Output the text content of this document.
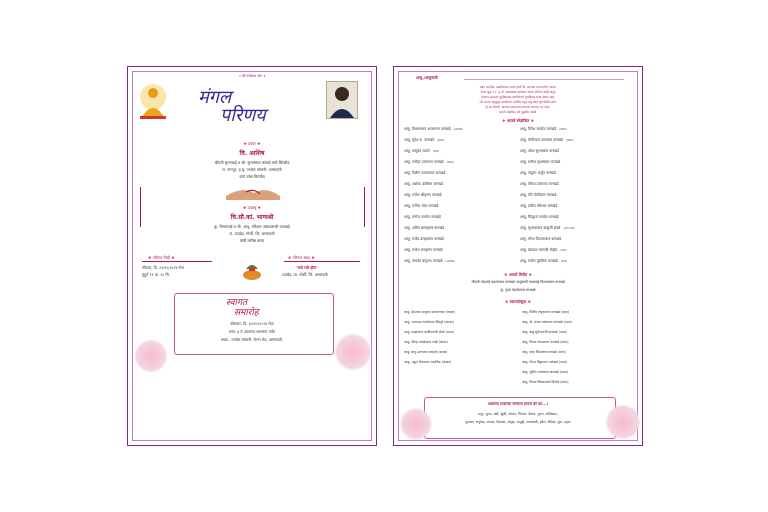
॥ श्री गणेशाय नमः ॥
मंगल
परिणय
❖ उपवर ❖
चि. आशिष
श्रीमती सुमनबाई व श्री. सुभाषराव कांबळे यांचे चिरंजीव
रा. नागपुर, ह.मु. पनवेल कॉलनी, अमरावती
यांचे ज्येष्ठ चिरंजीव
❖ उपवधू ❖
चि.सौ.कां. भाग्यश्री
कु. विमलताई व श्री. आयु. मोरेश्वर अंबादासजी वानखडे
रा. उदखेड, मोर्शी, जि. अमरावती
यांची कनिष्ठ कन्या
❖ परिणय तिथी ❖
रविवार, दि. २२/१२/२०२४ रोज
मुहूर्त ११ वा. १० मि.
❖ परिणय स्थळ ❖
"राधे राधे हॉल"
उदखेड, ता. मोर्शी, जि. अमरावती
स्वागत
समारोह
सोमवार, दि. ३०/१२/२०२४ रोज
सायं. ७ ते आपल्या आगमना पर्यंत
स्थळ - पनवेल कॉलनी, रोमन रोड, अमरावती.
आयु./आयुष्मती
सप्रेम जयभीम, कळविण्यास आनंद होतो की, आमच्या घराण्यातील तथागत
गौतम बुद्ध व प. पू. डॉ. बाबासाहेब आंबेडकर यांच्या प्रतिमेस साक्षी मानून
सोबतच आमच्या कुटुंबियांच्या आशीर्वादाने शुभविवाह संपन्न होणार आहे.
तरी आपण सहकुटुंब सहपरिवार उपस्थित राहून वधू-वरास शुभाशीर्वाद द्यावे,
ही नम्र विनंती. आपल्या आगमनाने आमच्या आनंदात भर पडेल.
आपले स्नेहांकित सर्व कुटुंबीय मंडळी.
❖ आपले स्नेहांकित ❖
आयु. विश्वासराव आत्माराम वानखडे (आजोबा)
आयु. सुरेश रा. वानखडे (काका)
आयु. वासुदेव ठाकरे (मामा)
आयु. मनोहर उत्तमराव वानखडे (काका)
आयु. दिलीप यशवंतराव वानखडे
आयु. अशोक बळीराम वानखडे
आयु. राजेश श्रीकृष्ण वानखडे
आयु. कपिल रमेश वानखडे
आयु. मनोज नामदेव वानखडे
आयु. अमित बाळकृष्ण वानखडे
आयु. राजेंद्र प्रल्हादराव वानखडे
आयु. राजेश रामकृष्ण वानखडे
आयु. नामदेव बापूराव वानखडे (आजोबा)
आयु. दिनेश नामदेव वानखडे (काका)
आयु. मोतीलाल उत्तमराव वानखडे (काका)
आयु. उमेश सुभाषराव वानखडे
आयु. सतीश सुभाषराव वानखडे
आयु. पांडुरंग अर्जुन वानखडे
आयु. योगेश उत्तमराव वानखडे
आयु. रवि मोतीलाल वानखडे
आयु. प्रवीण मोरेश्वर वानखडे
आयु. सिद्धार्थ नामदेव वानखडे
आयु. सुधाकरराव बाळुजी इंगळे (आते भाऊ)
आयु. मंगेश दिवाकरराव वानखडे
आयु. प्रेमदास बबनजी मोहोड (मामा)
आयु. राजेश पुंडलिक वानखडे (मामा)
❖ आपले विनीत ❖
श्रीमती मंदाताई महादेवराव वानखडे आयुष्मती मायाताई विश्वासराव वानखडे
कु. पूजा महादेवराव वानखडे
❖ स्वागतोत्सुक ❖
आयु. हेमंतराव बापूराव बागवानकर (काका)
आयु. रामभाऊ नामदेवराव शिरपुरे (काका)
आयु. प्रल्हादराव बाजीरावजी चोरडे (मामा)
आयु. देवेन्द्र नामदेवराव गवई (काका)
आयु. बापू उत्तमराव वाघमारे (काका)
आयु. राहुल गौतमराव जामनिक (काका)
आयु. मिलिंद मधुकरराव वानखडे (मामा)
आयु. डॉ. संजय माधवराव वानखडे (मामा)
आयु. बाबू सूर्यभानजी वानखडे (मामा)
आयु. विजय गोपालराव वानखडे (मामा)
आयु. शरद विश्वनाथ वानखडे (मामा)
आयु. गौतम विठ्ठलराव वानखडे (मामा)
आयु. सुनिल पंजाबराव वानखडे (मामा)
आयु. विजय विश्वासराव किर्दक (मामा)
आमच्या राजाच्या लग्नाला यायचं बरं का...!
मयूर, सुमन, वर्षा, खुशी, कोमल, निरंजन, वैष्णव, युगल, अविष्कार,
कुणाल, अनुष्का, सम्यक, दिव्यांश, आयुष, समृद्धी, राजलक्ष्मी, हर्षल, वेदिका, युगा, महक
